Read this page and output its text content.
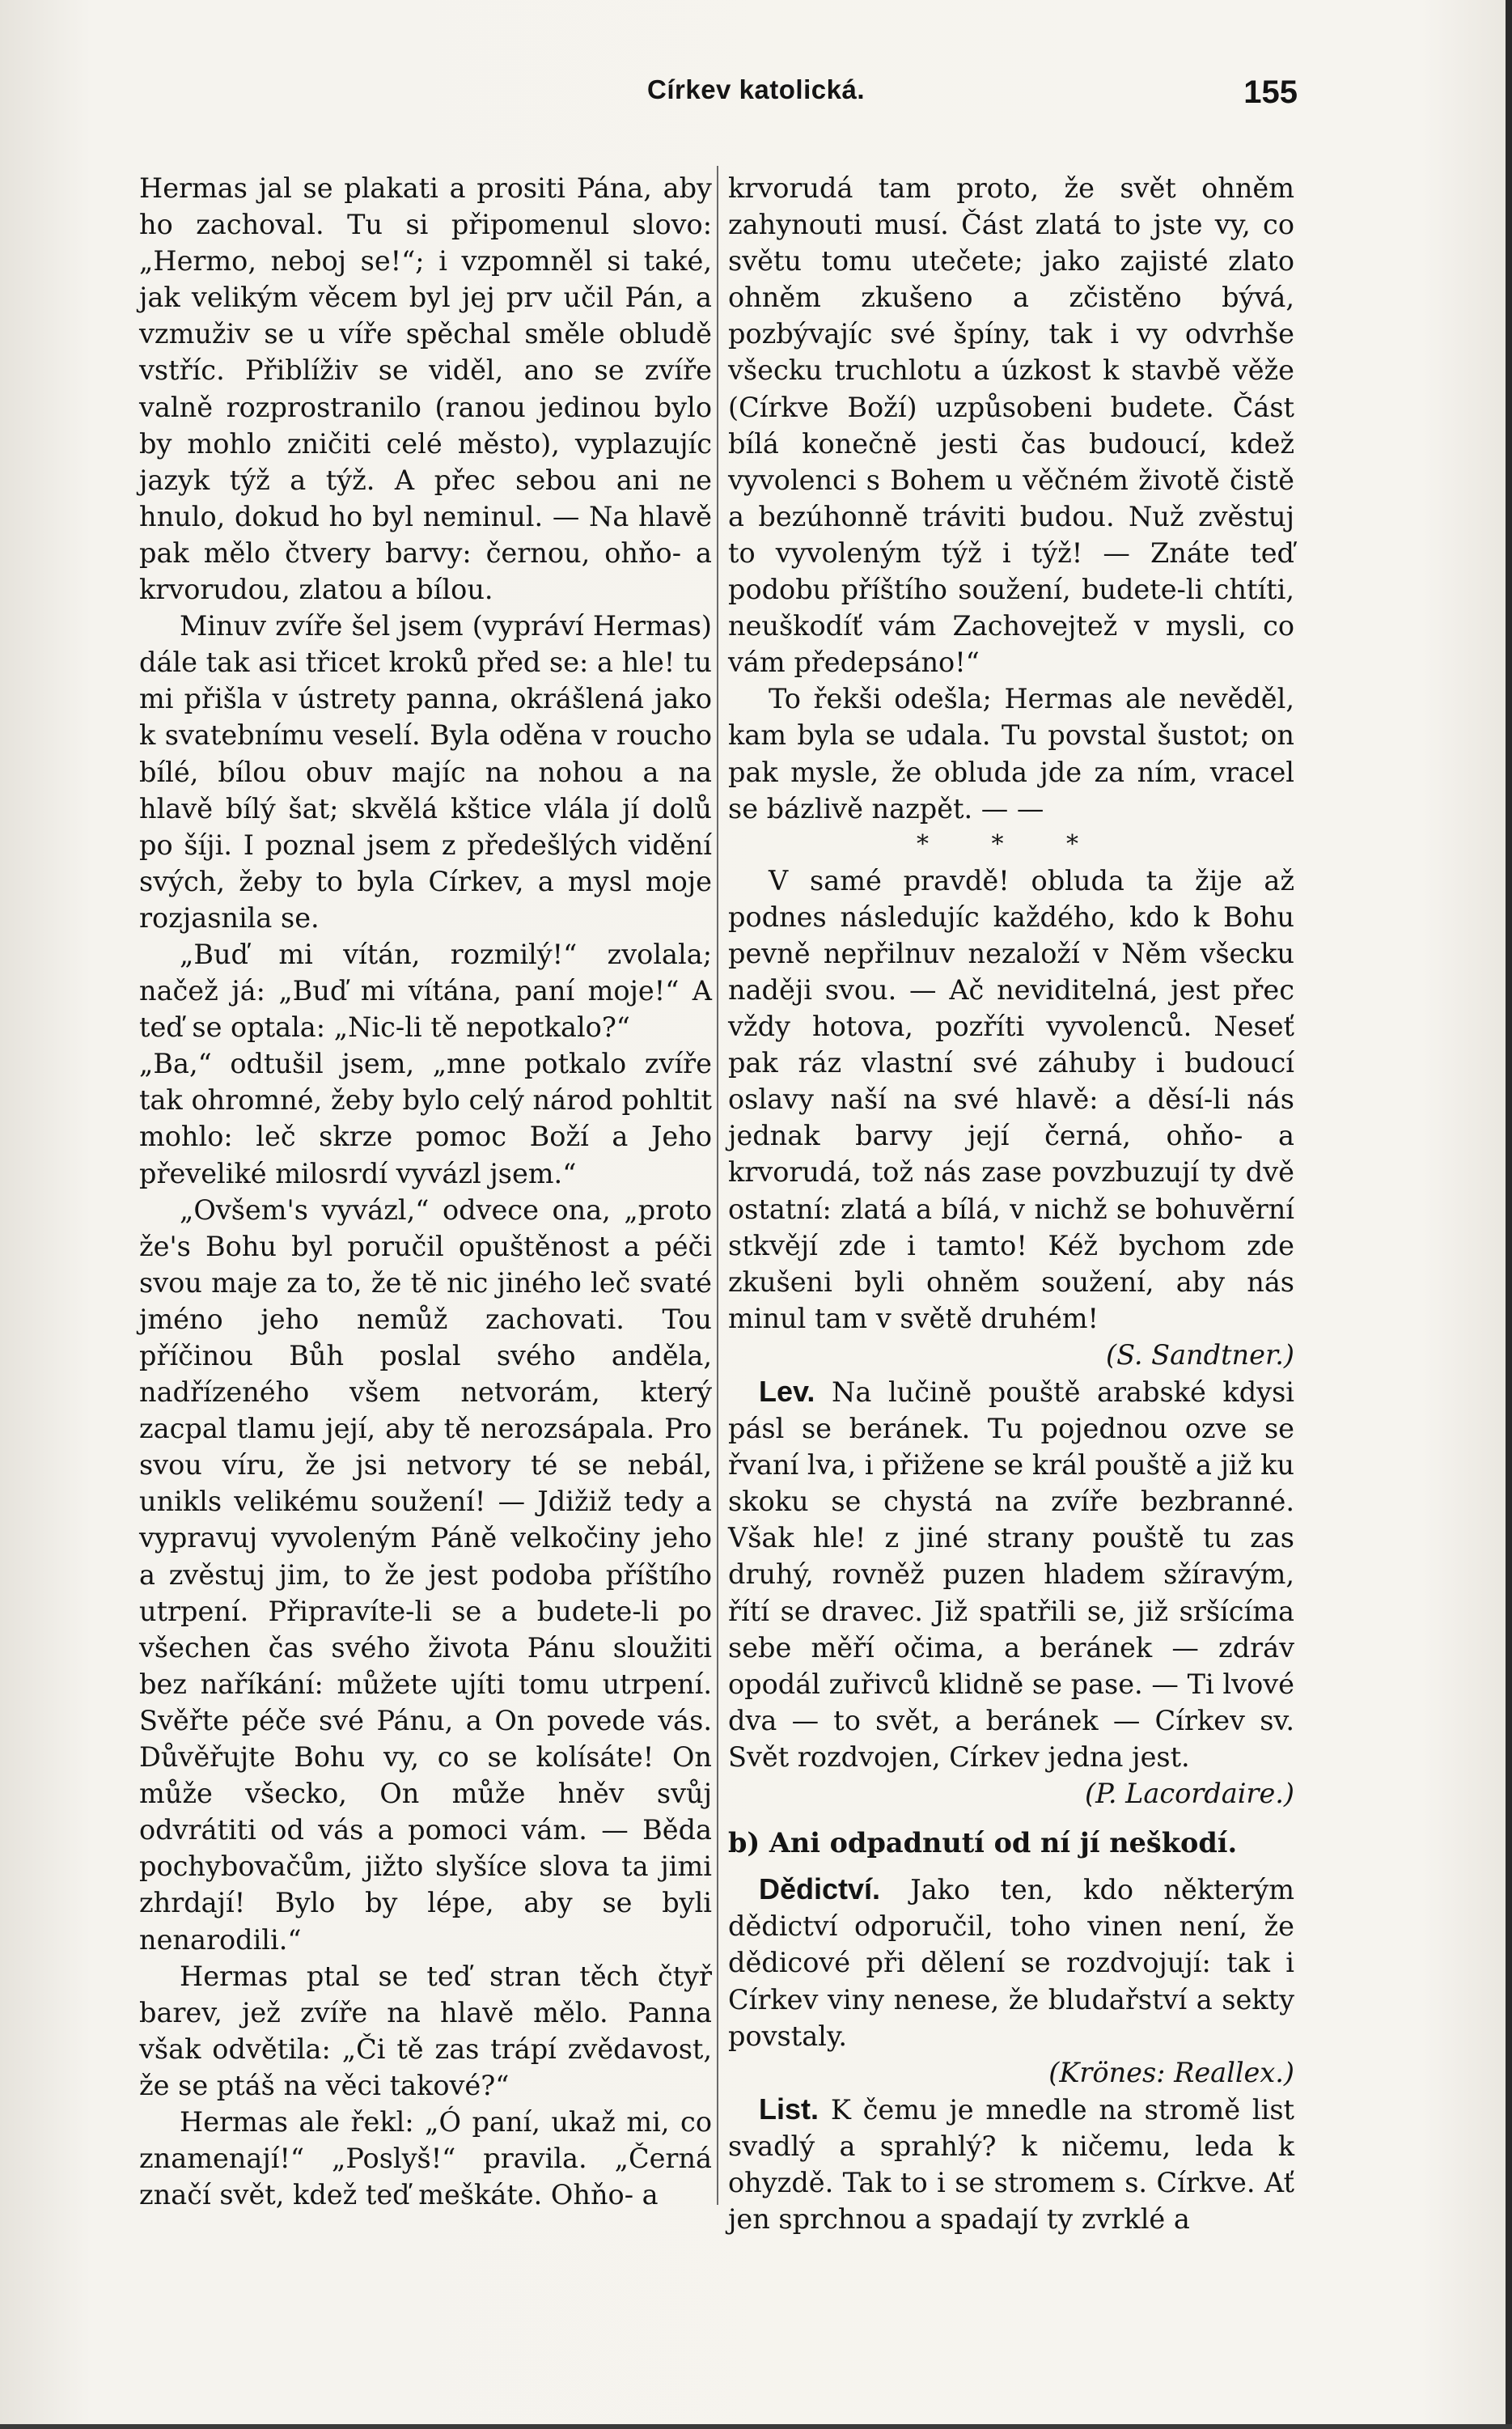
Církev katolická.	155

Hermas jal se plakati a prositi Pána, aby ho zachoval. Tu si připomenul slovo: „Hermo, neboj se!“; i vzpomněl si také, jak velikým věcem byl jej prv učil Pán, a vzmuživ se u víře spěchal směle obludě vstříc. Přiblíživ se viděl, ano se zvíře valně rozprostranilo (ranou jedinou bylo by mohlo zničiti celé město), vyplazujíc jazyk týž a týž. A přec sebou ani ne hnulo, dokud ho byl neminul. — Na hlavě pak mělo čtvery barvy: černou, ohňo- a krvorudou, zlatou a bílou.

Minuv zvíře šel jsem (vypráví Hermas) dále tak asi třicet kroků před se: a hle! tu mi přišla v ústrety panna, okrášlená jako k svatebnímu veselí. Byla oděna v roucho bílé, bílou obuv majíc na nohou a na hlavě bílý šat; skvělá kštice vlála jí dolů po šíji. I poznal jsem z předešlých vidění svých, žeby to byla Církev, a mysl moje rozjasnila se.

„Buď mi vítán, rozmilý!“ zvolala; načež já: „Buď mi vítána, paní moje!“ A teď se optala: „Nic-li tě nepotkalo?“

„Ba,“ odtušil jsem, „mne potkalo zvíře tak ohromné, žeby bylo celý národ pohltit mohlo: leč skrze pomoc Boží a Jeho převeliké milosrdí vyvázl jsem.“

„Ovšem's vyvázl,“ odvece ona, „proto že's Bohu byl poručil opuštěnost a péči svou maje za to, že tě nic jiného leč svaté jméno jeho nemůž zachovati. Tou příčinou Bůh poslal svého anděla, nadřízeného všem netvorám, který zacpal tlamu její, aby tě nerozsápala. Pro svou víru, že jsi netvory té se nebál, unikls velikému soužení! — Jdižiž tedy a vypravuj vyvoleným Páně velkočiny jeho a zvěstuj jim, to že jest podoba příštího utrpení. Připravíte-li se a budete-li po všechen čas svého života Pánu sloužiti bez naříkání: můžete ujíti tomu utrpení. Svěřte péče své Pánu, a On povede vás. Důvěřujte Bohu vy, co se kolísáte! On může všecko, On může hněv svůj odvrátiti od vás a pomoci vám. — Běda pochybovačům, jižto slyšíce slova ta jimi zhrdají! Bylo by lépe, aby se byli nenarodili.“

Hermas ptal se teď stran těch čtyř barev, jež zvíře na hlavě mělo. Panna však odvětila: „Či tě zas trápí zvědavost, že se ptáš na věci takové?“

Hermas ale řekl: „Ó paní, ukaž mi, co znamenají!“ „Poslyš!“ pravila. „Černá značí svět, kdež teď meškáte. Ohňo- a

krvorudá tam proto, že svět ohněm zahynouti musí. Část zlatá to jste vy, co světu tomu utečete; jako zajisté zlato ohněm zkušeno a zčistěno bývá, pozbývajíc své špíny, tak i vy odvrhše všecku truchlotu a úzkost k stavbě věže (Církve Boží) uzpůsobeni budete. Část bílá konečně jesti čas budoucí, kdež vyvolenci s Bohem u věčném životě čistě a bezúhonně tráviti budou. Nuž zvěstuj to vyvoleným týž i týž! — Znáte teď podobu příštího soužení, budete-li chtíti, neuškodíť vám Zachovejtež v mysli, co vám předepsáno!“

To řekši odešla; Hermas ale nevěděl, kam byla se udala. Tu povstal šustot; on pak mysle, že obluda jde za ním, vracel se bázlivě nazpět. — —

* * *

V samé pravdě! obluda ta žije až podnes následujíc každého, kdo k Bohu pevně nepřilnuv nezaloží v Něm všecku naději svou. — Ač neviditelná, jest přec vždy hotova, pozříti vyvolenců. Neseť pak ráz vlastní své záhuby i budoucí oslavy naší na své hlavě: a děsí-li nás jednak barvy její černá, ohňo- a krvorudá, tož nás zase povzbuzují ty dvě ostatní: zlatá a bílá, v nichž se bohuvěrní stkvějí zde i tamto! Kéž bychom zde zkušeni byli ohněm soužení, aby nás minul tam v světě druhém!

(S. Sandtner.)

Lev. Na lučině pouště arabské kdysi pásl se beránek. Tu pojednou ozve se řvaní lva, i přižene se král pouště a již ku skoku se chystá na zvíře bezbranné. Však hle! z jiné strany pouště tu zas druhý, rovněž puzen hladem sžíravým, řítí se dravec. Již spatřili se, již sršícíma sebe měří očima, a beránek — zdráv opodál zuřivců klidně se pase. — Ti lvové dva — to svět, a beránek — Církev sv. Svět rozdvojen, Církev jedna jest.

(P. Lacordaire.)

b) Ani odpadnutí od ní jí neškodí.

Dědictví. Jako ten, kdo některým dědictví odporučil, toho vinen není, že dědicové při dělení se rozdvojují: tak i Církev viny nenese, že bludařství a sekty povstaly.

(Krönes: Reallex.)

List. K čemu je mnedle na stromě list svadlý a sprahlý? k ničemu, leda k ohyzdě. Tak to i se stromem s. Církve. Ať jen sprchnou a spadají ty zvrklé a
